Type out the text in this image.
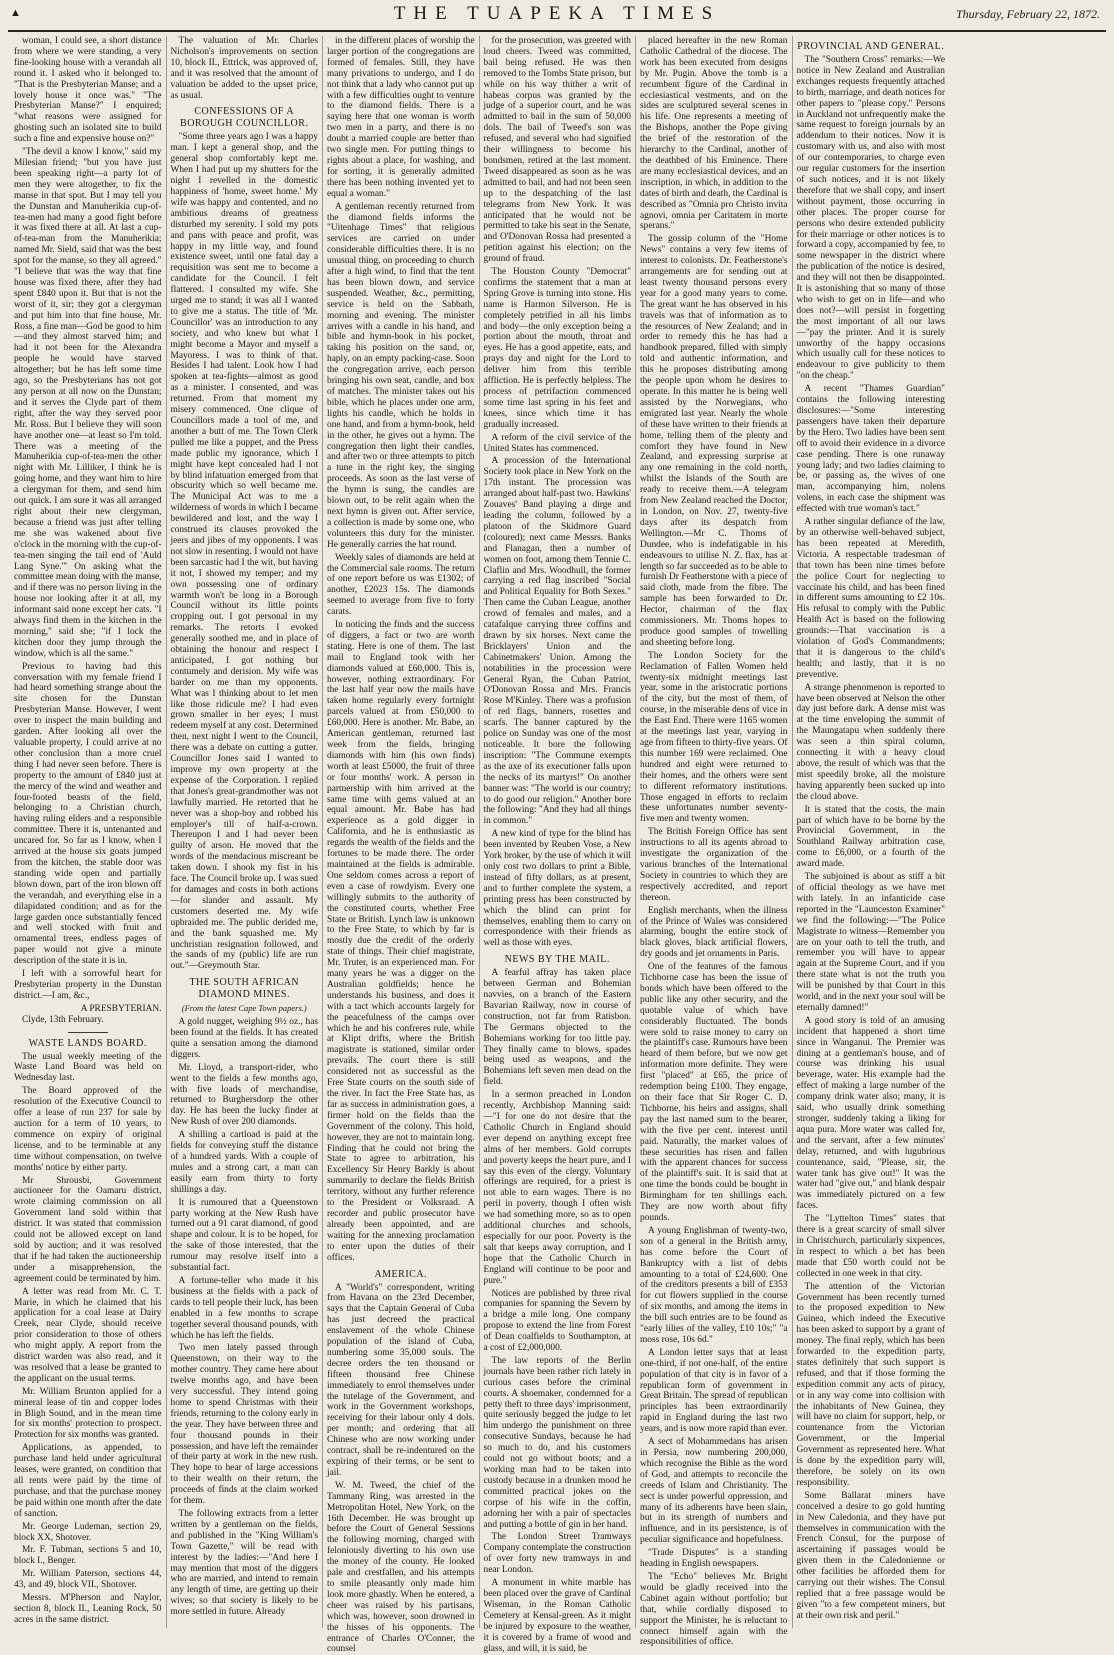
▲	THE TUAPEKA TIMES	Thursday, February 22, 1872.

woman, I could see, a short distance from where we were standing, a very fine-looking house with a verandah all round it. I asked who it belonged to. "That is the Presbyterian Manse; and a lovely house it once was." "The Presbyterian Manse?" I enquired; "what reasons were assigned for ghosting such an isolated site to build such a fine and expensive house on?"

"The devil a know I know," said my Milesian friend; "but you have just been speaking right—a party lot of men they were altogether, to fix the manse in that spot. But I may tell you the Dunstan and Manuherikia cup-of-tea-men had many a good fight before it was fixed there at all. At last a cup-of-tea-man from the Manuherikia; named Mr. Sield, said that was the best spot for the manse, so they all agreed." "I believe that was the way that fine house was fixed there, after they had spent £840 upon it. But that is not the worst of it, sir; they got a clergyman and put him into that fine house, Mr. Ross, a fine man—God be good to him—and they almost starved him; and had it not been for the Alexandra people he would have starved altogether; but he has left some time ago, so the Presbyterians has not got any person at all now on the Dunstan; and it serves the Clyde part of them right, after the way they served poor Mr. Ross. But I believe they will soon have another one—at least so I'm told. There was a meeting of the Manuherikia cup-of-tea-men the other night with Mr. Lilliker, I think he is going home, and they want him to hire a clergyman for them, and send him out quick. I am sure it was all arranged right about their new clergyman, because a friend was just after telling me she was wakened about five o'clock in the morning with the cup-of-tea-men singing the tail end of 'Auld Lang Syne.'" On asking what the committee mean doing with the manse, and if there was no person living in the house nor looking after it at all, my informant said none except her cats. "I always find them in the kitchen in the morning," said she; "if I lock the kitchen door they jump through the window, which is all the same."

Previous to having had this conversation with my female friend I had heard something strange about the site chosen for the Dunstan Presbyterian Manse. However, I went over to inspect the main building and garden. After looking all over the valuable property, I could arrive at no other conclusion than a more cruel thing I had never seen before. There is property to the amount of £840 just at the mercy of the wind and weather and four-footed beasts of the field, belonging to a Christian church, having ruling elders and a responsible committee. There it is, untenanted and uncared for. So far as I know, when I arrived at the house six goats jumped from the kitchen, the stable door was standing wide open and partially blown down, part of the iron blown off the verandah, and everything else in a dilapidated condition; and as for the large garden once substantially fenced and well stocked with fruit and ornamental trees, endless pages of paper would not give a minute description of the state it is in.

I left with a sorrowful heart for Presbyterian property in the Dunstan district.—I am, &c.,

A PRESBYTERIAN.

Clyde, 13th February.

WASTE LANDS BOARD.

The usual weekly meeting of the Waste Land Board was held on Wednesday last.

The Board approved of the resolution of the Executive Council to offer a lease of run 237 for sale by auction for a term of 10 years, to commence on expiry of original license, and to be terminable at any time without compensation, on twelve months' notice by either party.

Mr Shrousbi, Government auctioneer for the Oamaru district, wrote claiming commission on all Government land sold within that district. It was stated that commission could not be allowed except on land sold by auction; and it was resolved that if he had taken the auctioneership under a misapprehension, the agreement could be terminated by him.

A letter was read from Mr. C. T. Marie, in which he claimed that his application for a coal lease at Dairy Creek, near Clyde, should receive prior consideration to those of others who might apply. A report from the district warden was also read, and it was resolved that a lease be granted to the applicant on the usual terms.

Mr. William Brunton applied for a mineral lease of tin and copper lodes in Bligh Sound, and in the mean time for six months' protection to prospect. Protection for six months was granted.

Applications, as appended, to purchase land held under agricultural leases, were granted, on condition that all rents were paid by the time of purchase, and that the purchase money be paid within one month after the date of sanction.

Mr. George Ludeman, section 29, block XX, Shotover.

Mr. F. Tubman, sections 5 and 10, block I., Benger.

Mr. William Paterson, sections 44, 43, and 49, block VII., Shotover.

Messrs. M'Pherson and Naylor, section 8, block II., Leaning Rock, 50 acres in the same district.

The valuation of Mr. Charles Nicholson's improvements on section 10, block II., Ettrick, was approved of, and it was resolved that the amount of valuation be added to the upset price, as usual.

CONFESSIONS OF A BOROUGH COUNCILLOR.

"Some three years ago I was a happy man. I kept a general shop, and the general shop comfortably kept me. When I had put up my shutters for the night I revelled in the domestic happiness of 'home, sweet home.' My wife was happy and contented, and no ambitious dreams of greatness disturbed my serenity. I sold my pots and pans with peace and profit, was happy in my little way, and found existence sweet, until one fatal day a requisition was sent me to become a candidate for the Council. I felt flattered. I consulted my wife. She urged me to stand; it was all I wanted to give me a status. The title of 'Mr. Councillor' was an introduction to any society, and who knew but what I might become a Mayor and myself a Mayoress. I was to think of that. Besides I had talent. Look how I had spoken at tea-fights—almost as good as a minister. I consented, and was returned. From that moment my misery commenced. One clique of Councillors made a tool of me, and another a butt of me. The Town Clerk pulled me like a puppet, and the Press made public my ignorance, which I might have kept concealed had I not by blind infatuation emerged from that obscurity which so well became me. The Municipal Act was to me a wilderness of words in which I became bewildered and lost, and the way I construed its clauses provoked the jeers and jibes of my opponents. I was not slow in resenting. I would not have been sarcastic had I the wit, but having it not, I showed my temper; and my own possessing one of ordinary warmth won't be long in a Borough Council without its little points cropping out. I got personal in my remarks. The retorts I evoked generally soothed me, and in place of obtaining the honour and respect I anticipated, I got nothing but contumely and derision. My wife was harder on me than my opponents. What was I thinking about to let men like those ridicule me? I had even grown smaller in her eyes; I must redeem myself at any cost. Determined then, next night I went to the Council, there was a debate on cutting a gutter. Councillor Jones said I wanted to improve my own property at the expense of the Corporation. I replied that Jones's great-grandmother was not lawfully married. He retorted that he never was a shop-boy and robbed his employer's till of half-a-crown. Thereupon I and I had never been guilty of arson. He moved that the words of the mendacious miscreant be taken down. I shook my fist in his face. The Council broke up. I was sued for damages and costs in both actions—for slander and assault. My customers deserted me. My wife upbraided me. The public derided me, and the bank squashed me. My unchristian resignation followed, and the sands of my (public) life are run out."—Greymouth Star.

THE SOUTH AFRICAN DIAMOND MINES.
(From the latest Cape Town papers.)

A gold nugget, weighing 9½ oz., has been found at the fields. It has created quite a sensation among the diamond diggers.

Mr. Lloyd, a transport-rider, who went to the fields a few months ago, with five loads of merchandise, returned to Burghersdorp the other day. He has been the lucky finder at New Rush of over 200 diamonds.

A shilling a cartload is paid at the fields for conveying stuff the distance of a hundred yards. With a couple of mules and a strong cart, a man can easily earn from thirty to forty shillings a day.

It is rumoured that a Queenstown party working at the New Rush have turned out a 91 carat diamond, of good shape and colour. It is to be hoped, for the sake of those interested, that the rumour may resolve itself into a substantial fact.

A fortune-teller who made it his business at the fields with a pack of cards to tell people their luck, has been enabled in a few months to scrape together several thousand pounds, with which he has left the fields.

Two men lately passed through Queenstown, on their way to the mother country. They came here about twelve months ago, and have been very successful. They intend going home to spend Christmas with their friends, returning to the colony early in the year. They have between three and four thousand pounds in their possession, and have left the remainder of their party at work in the new rush. They hope to hear of large accessions to their wealth on their return, the proceeds of finds at the claim worked for them.

The following extracts from a letter written by a gentleman on the fields, and published in the "King William's Town Gazette," will be read with interest by the ladies:—"And here I may mention that most of the diggers who are married, and intend to remain any length of time, are getting up their wives; so that society is likely to be more settled in future. Already

in the different places of worship the larger portion of the congregations are formed of females. Still, they have many privations to undergo, and I do not think that a lady who cannot put up with a few difficulties ought to venture to the diamond fields. There is a saying here that one woman is worth two men in a party, and there is no doubt a married couple are better than two single men. For putting things to rights about a place, for washing, and for sorting, it is generally admitted there has been nothing invented yet to equal a woman."

A gentleman recently returned from the diamond fields informs the "Uitenhage Times" that religious services are carried on under considerable difficulties there. It is no unusual thing, on proceeding to church after a high wind, to find that the tent has been blown down, and service suspended. Weather, &c., permitting, service is held on the Sabbath, morning and evening. The minister arrives with a candle in his hand, and bible and hymn-book in his pocket, taking his position on the sand, or, haply, on an empty packing-case. Soon the congregation arrive, each person bringing his own seat, candle, and box of matches. The minister takes out his bible, which he places under one arm, lights his candle, which he holds in one hand, and from a hymn-book, held in the other, he gives out a hymn. The congregation then light their candles, and after two or three attempts to pitch a tune in the right key, the singing proceeds. As soon as the last verse of the hymn is sung, the candles are blown out, to be relit again when the next hymn is given out. After service, a collection is made by some one, who volunteers this duty for the minister. He generally carries the hat round.

Weekly sales of diamonds are held at the Commercial sale rooms. The return of one report before us was £1302; of another, £2023 15s. The diamonds seemed to average from five to forty carats.

In noticing the finds and the success of diggers, a fact or two are worth stating. Here is one of them. The last mail to England took with her diamonds valued at £60,000. This is, however, nothing extraordinary. For the last half year now the mails have taken home regularly every fortnight parcels valued at from £50,000 to £60,000. Here is another. Mr. Babe, an American gentleman, returned last week from the fields, bringing diamonds with him (his own finds) worth at least £5000, the fruit of three or four months' work. A person in partnership with him arrived at the same time with gems valued at an equal amount. Mr. Babe has had experience as a gold digger in California, and he is enthusiastic as regards the wealth of the fields and the fortunes to be made there. The order maintained at the fields is admirable. One seldom comes across a report of even a case of rowdyism. Every one willingly submits to the authority of the constituted courts, whether Free State or British. Lynch law is unknown to the Free State, to which by far is mostly due the credit of the orderly state of things. Their chief magistrate, Mr. Truter, is an experienced man. For many years he was a digger on the Australian goldfields; hence he understands his business, and does it with a tact which accounts largely for the peacefulness of the camps over which he and his confreres rule, while at Klipt drifts, where the British magistrate is stationed, similar order prevails. The court there is still considered not as successful as the Free State courts on the south side of the river. In fact the Free State has, as far as success in administration goes, a firmer hold on the fields than the Government of the colony. This hold, however, they are not to maintain long. Finding that he could not bring the State to agree to arbitration, his Excellency Sir Henry Barkly is about summarily to declare the fields British territory, without any further reference to the President or Volksraad. A recorder and public prosecutor have already been appointed, and are waiting for the annexing proclamation to enter upon the duties of their offices.

AMERICA.

A "World's" correspondent, writing from Havana on the 23rd December, says that the Captain General of Cuba has just decreed the practical enslavement of the whole Chinese population of the island of Cuba, numbering some 35,000 souls. The decree orders the ten thousand or fifteen thousand free Chinese immediately to enrol themselves under the tutelage of the Government, and work in the Government workshops, receiving for their labour only 4 dols. per month; and ordering that all Chinese who are now working under contract, shall be re-indentured on the expiring of their terms, or be sent to jail.

W. M. Tweed, the chief of the Tammany Ring, was arrested in the Metropolitan Hotel, New York, on the 16th December. He was brought up before the Court of General Sessions the following morning, charged with feloniously diverting to his own use the money of the county. He looked pale and crestfallen, and his attempts to smile pleasantly only made him look more ghastly. When he entered, a cheer was raised by his partisans, which was, however, soon drowned in the hisses of his opponents. The entrance of Charles O'Conner, the counsel

for the prosecution, was greeted with loud cheers. Tweed was committed, bail being refused. He was then removed to the Tombs State prison, but while on his way thither a writ of habeas corpus was granted by the judge of a superior court, and he was admitted to bail in the sum of 50,000 dols. The bail of Tweed's son was refused, and several who had signified their willingness to become his bondsmen, retired at the last moment. Tweed disappeared as soon as he was admitted to bail, and had not been seen up to the despatching of the last telegrams from New York. It was anticipated that he would not be permitted to take his seat in the Senate, and O'Donovan Rossa had presented a petition against his election; on the ground of fraud.

The Houston County "Democrat" confirms the statement that a man at Spring Grove is turning into stone. His name is Harmon Silverson. He is completely petrified in all his limbs and body—the only exception being a portion about the mouth, throat and eyes. He has a good appetite, eats, and prays day and night for the Lord to deliver him from this terrible affliction. He is perfectly helpless. The process of petrifaction commenced some time last spring in his feet and knees, since which time it has gradually increased.

A reform of the civil service of the United States has commenced.

A procession of the International Society took place in New York on the 17th instant. The procession was arranged about half-past two. Hawkins' Zouaves' Band playing a dirge and leading the column, followed by a platoon of the Skidmore Guard (coloured); next came Messrs. Banks and Flanagan, then a number of women on foot, among them Tennie C. Claflin and Mrs. Woodhull, the former carrying a red flag inscribed "Social and Political Equality for Both Sexes." Then came the Cuban League, another crowd of females and males, and a catafalque carrying three coffins and drawn by six horses. Next came the Bricklayers' Union and the Cabinetmakers' Union. Among the notabilities in the procession were General Ryan, the Cuban Patriot, O'Donovan Rossa and Mrs. Francis Rose M'Kinley. There was a profusion of red flags, banners, rosettes and scarfs. The banner captured by the police on Sunday was one of the most noticeable. It bore the following inscription: "The Commune exempts as the axe of its executioner falls upon the necks of its martyrs!" On another banner was: "The world is our country; to do good our religion." Another bore the following: "And they had all things in common."

A new kind of type for the blind has been invented by Reuben Vose, a New York broker, by the use of which it will only cost two dollars to print a Bible, instead of fifty dollars, as at present, and to further complete the system, a printing press has been constructed by which the blind can print for themselves, enabling them to carry on correspondence with their friends as well as those with eyes.

NEWS BY THE MAIL.

A fearful affray has taken place between German and Bohemian navvies, on a branch of the Eastern Bavarian Railway, now in course of construction, not far from Ratisbon. The Germans objected to the Bohemians working for too little pay. They finally came to blows, spades being used as weapons, and the Bohemians left seven men dead on the field.

In a sermon preached in London recently, Archbishop Manning said:—"I for one do not desire that the Catholic Church in England should ever depend on anything except free alms of her members. Gold corrupts and poverty keeps the heart pure, and I say this even of the clergy. Voluntary offerings are required, for a priest is not able to earn wages. There is no peril in poverty, though I often wish we had something more, so as to open additional churches and schools, especially for our poor. Poverty is the salt that keeps away corruption, and I hope that the Catholic Church in England will continue to be poor and pure."

Notices are published by three rival companies for spanning the Severn by a bridge a mile long. One company propose to extend the line from Forest of Dean coalfields to Southampton, at a cost of £2,000,000.

The law reports of the Berlin journals have been rather rich lately in curious cases before the criminal courts. A shoemaker, condemned for a petty theft to three days' imprisonment, quite seriously begged the judge to let him undergo the punishment on three consecutive Sundays, because he had so much to do, and his customers could not go without boots; and a working man had to be taken into custody because in a drunken mood he committed practical jokes on the corpse of his wife in the coffin, adorning her with a pair of spectacles and putting a bottle of gin in her hand.

The London Street Tramways Company contemplate the construction of over forty new tramways in and near London.

A monument in white marble has been placed over the grave of Cardinal Wiseman, in the Roman Catholic Cemetery at Kensal-green. As it might be injured by exposure to the weather, it is covered by a frame of wood and glass, and will, it is said, be

placed hereafter in the new Roman Catholic Cathedral of the diocese. The work has been executed from designs by Mr. Pugin. Above the tomb is a recumbent figure of the Cardinal in ecclesiastical vestments, and on the sides are sculptured several scenes in his life. One represents a meeting of the Bishops, another the Pope giving the brief of the restoration of the hierarchy to the Cardinal, another of the deathbed of his Eminence. There are many ecclesiastical devices, and an inscription, in which, in addition to the dates of birth and death, the Cardinal is described as "Omnia pro Christo invita agnovi, omnia per Caritatem in morte sperans."

The gossip column of the "Home News" contains a very few items of interest to colonists. Dr. Featherstone's arrangements are for sending out at least twenty thousand persons every year for a good many years to come. The great want he has observed in his travels was that of information as to the resources of New Zealand; and in order to remedy this he has had a handbook prepared, filled with simply told and authentic information, and this he proposes distributing among the people upon whom he desires to operate. In this matter he is being well assisted by the Norwegians, who emigrated last year. Nearly the whole of these have written to their friends at home, telling them of the plenty and comfort they have found in New Zealand, and expressing surprise at any one remaining in the cold north, whilst the Islands of the South are ready to receive them.—A telegram from New Zealand reached the Doctor, in London, on Nov. 27, twenty-five days after its despatch from Wellington.—Mr C. Thoms of Dundee, who is indefatigable in his endeavours to utilise N. Z. flax, has at length so far succeeded as to be able to furnish Dr Featherstone with a piece of said cloth, made from the fibre. The sample has been forwarded to Dr. Hector, chairman of the flax commissioners. Mr. Thoms hopes to produce good samples of towelling and sheeting before long.

The London Society for the Reclamation of Fallen Women held twenty-six midnight meetings last year, some in the aristocratic portions of the city, but the most of them, of course, in the miserable dens of vice in the East End. There were 1165 women at the meetings last year, varying in age from fifteen to thirty-five years. Of this number 169 were reclaimed. One hundred and eight were returned to their homes, and the others were sent to different reformatory institutions. Those engaged in efforts to reclaim these unfortunates number seventy-five men and twenty women.

The British Foreign Office has sent instructions to all its agents abroad to investigate the organization of the various branches of the International Society in countries to which they are respectively accredited, and report thereon.

English merchants, when the illness of the Prince of Wales was considered alarming, bought the entire stock of black gloves, black artificial flowers, dry goods and jet ornaments in Paris.

One of the features of the famous Tichborne case has been the issue of bonds which have been offered to the public like any other security, and the quotable value of which have considerably fluctuated. The bonds were sold to raise money to carry on the plaintiff's case. Rumours have been heard of them before, but we now get information more definite. They were first "placed" at £65, the price of redemption being £100. They engage, on their face that Sir Roger C. D. Tichborne, his heirs and assigns, shall pay the last named sum to the bearer, with the five per cent. interest until paid. Naturally, the market values of these securities has risen and fallen with the apparent chances for success of the plaintiff's suit. It is said that at one time the bonds could be bought in Birmingham for ten shillings each. They are now worth about fifty pounds.

A young Englishman of twenty-two, son of a general in the British army, has come before the Court of Bankruptcy with a list of debts amounting to a total of £24,600. One of the creditors presents a bill of £353 for cut flowers supplied in the course of six months, and among the items in the bill such entries are to be found as "early lilies of the valley, £10 10s;" "a moss rose, 10s 6d."

A London letter says that at least one-third, if not one-half, of the entire population of that city is in favor of a republican form of government in Great Britain. The spread of republican principles has been extraordinarily rapid in England during the last two years, and is now more rapid than ever.

A sect of Mohammedans has arisen in Persia, now numbering 200,000, which recognise the Bible as the word of God, and attempts to reconcile the creeds of Islam and Christianity. The sect is under powerful oppression, and many of its adherents have been slain, but in its strength of numbers and influence, and in its persistence, is of peculiar significance and hopefulness.

"Trade Disputes" is a standing heading in English newspapers.

The "Echo" believes Mr. Bright would be gladly received into the Cabinet again without portfolio; but that, while cordially disposed to support the Minister, he is reluctant to connect himself again with the responsibilities of office.

PROVINCIAL AND GENERAL.

The "Southern Cross" remarks:—We notice in New Zealand and Australian exchanges requests frequently attached to birth, marriage, and death notices for other papers to "please copy." Persons in Auckland not unfrequently make the same request to foreign journals by an addendum to their notices. Now it is customary with us, and also with most of our contemporaries, to charge even our regular customers for the insertion of such notices, and it is not likely therefore that we shall copy, and insert without payment, those occurring in other places. The proper course for persons who desire extended publicity for their marriage or other notices is to forward a copy, accompanied by fee, to some newspaper in the district where the publication of the notice is desired, and they will not then be disappointed. It is astonishing that so many of those who wish to get on in life—and who does not?—will persist in forgetting the most important of all our laws—"pay the printer. And it is surely unworthy of the happy occasions which usually call for these notices to endeavour to give publicity to them "on the cheap."

A recent "Thames Guardian" contains the following interesting disclosures:—"Some interesting passengers have taken their departure by the Hero. Two ladies have been sent off to avoid their evidence in a divorce case pending. There is one runaway young lady; and two ladies claiming to be, or passing as, the wives of one man, accompanying him, nolens volens, in each case the shipment was effected with true woman's tact."

A rather singular defiance of the law, by an otherwise well-behaved subject, has been repeated at Meredith, Victoria. A respectable tradesman of that town has been nine times before the police Court for neglecting to vaccinate his child, and has been fined in different sums amounting to £2 10s. His refusal to comply with the Public Health Act is based on the following grounds:—That vaccination is a violation of God's Commandments; that it is dangerous to the child's health; and lastly, that it is no preventive.

A strange phenomenon is reported to have been observed at Nelson the other day just before dark. A dense mist was at the time enveloping the summit of the Maungatapu when suddenly there was seen a thin spiral column, connecting it with a heavy cloud above, the result of which was that the mist speedily broke, all the moisture having apparently been sucked up into the cloud above.

It is stated that the costs, the main part of which have to be borne by the Provincial Government, in the Southland Railway arbitration case, come to £6,000, or a fourth of the award made.

The subjoined is about as stiff a bit of official theology as we have met with lately. In an infanticide case reported in the "Launceston Examiner" we find the following:—"The Police Magistrate to witness—Remember you are on your oath to tell the truth, and remember you will have to appear again at the Supreme Court, and if you there state what is not the truth you will be punished by that Court in this world, and in the next your soul will be eternally damned!"

A good story is told of an amusing incident that happened a short time since in Wanganui. The Premier was dining at a gentleman's house, and of course was drinking his usual beverage, water. His example had the effect of making a large number of the company drink water also; many, it is said, who usually drink something stronger, suddenly taking a liking for aqua pura. More water was called for, and the servant, after a few minutes' delay, returned, and with lugubrious countenance, said, "Please, sir, the water tank has give out!" It was the water had "give out," and blank despair was immediately pictured on a few faces.

The "Lyttelton Times" states that there is a great scarcity of small silver in Christchurch, particularly sixpences, in respect to which a bet has been made that £50 worth could not be collected in one week in that city.

The attention of the Victorian Government has been recently turned to the proposed expedition to New Guinea, which indeed the Executive has been asked to support by a grant of money. The final reply, which has been forwarded to the expedition party, states definitely that such support is refused, and that if those forming the expedition commit any acts of piracy, or in any way come into collision with the inhabitants of New Guinea, they will have no claim for support, help, or countenance from the Victorian Government, or the Imperial Government as represented here. What is done by the expedition party will, therefore, be solely on its own responsibility.

Some Ballarat miners have conceived a desire to go gold hunting in New Caledonia, and they have put themselves in communication with the French Consul, for the purpose of ascertaining if passages would be given them in the Caledonienne or other facilities be afforded them for carrying out their wishes. The Consul replied that a free passage would be given "to a few competent miners, but at their own risk and peril."
